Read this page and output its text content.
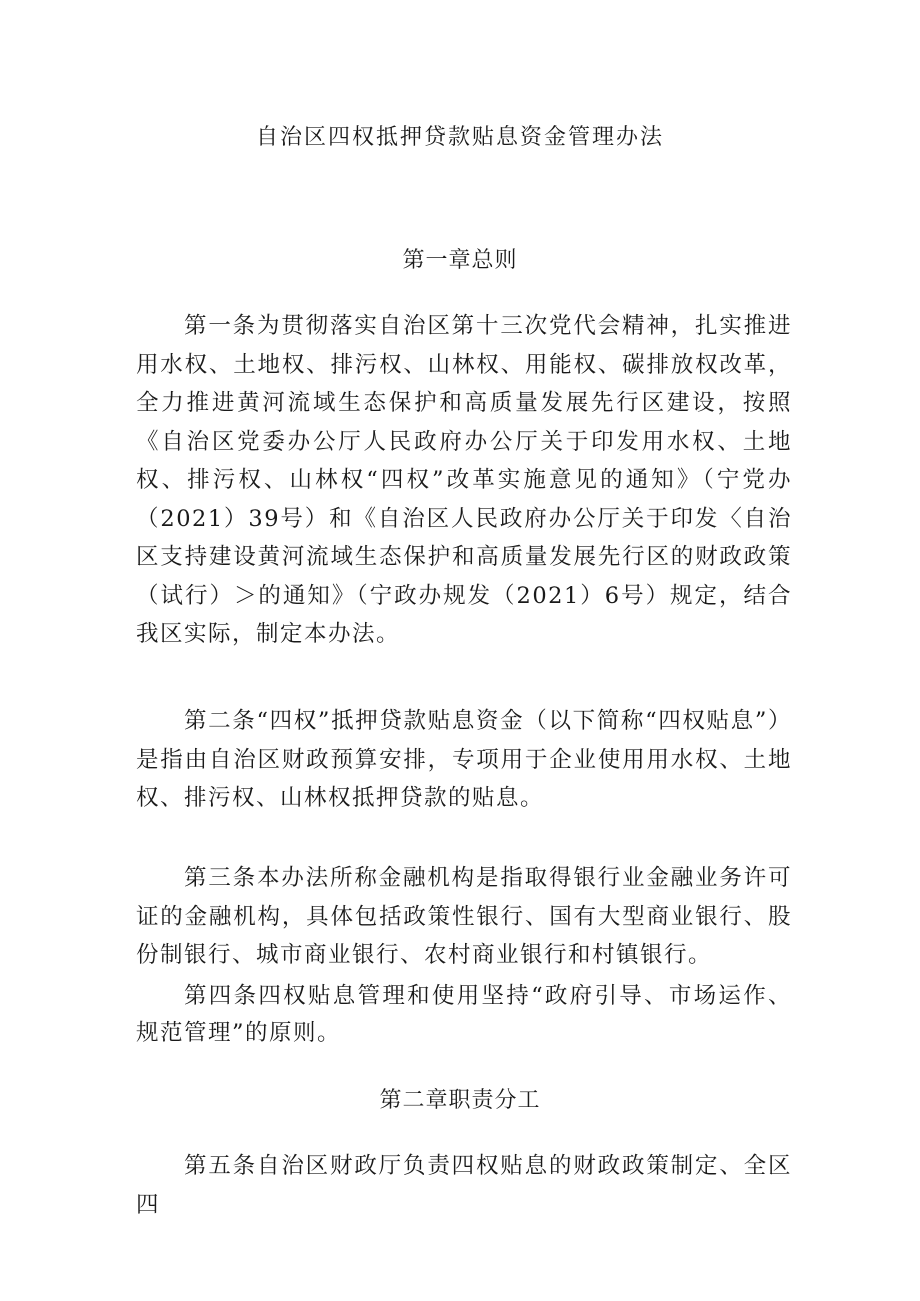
自治区四权抵押贷款贴息资金管理办法
第一章总则

第一条为贯彻落实自治区第十三次党代会精神，扎实推进用水权、土地权、排污权、山林权、用能权、碳排放权改革，全力推进黄河流域生态保护和高质量发展先行区建设，按照《自治区党委办公厅人民政府办公厅关于印发用水权、土地权、排污权、山林权“四权”改革实施意见的通知》（宁党办（2021）39号）和《自治区人民政府办公厅关于印发〈自治区支持建设黄河流域生态保护和高质量发展先行区的财政政策（试行）＞的通知》（宁政办规发（2021）6号）规定，结合我区实际，制定本办法。

第二条“四权”抵押贷款贴息资金（以下简称“四权贴息”）是指由自治区财政预算安排，专项用于企业使用用水权、土地权、排污权、山林权抵押贷款的贴息。

第三条本办法所称金融机构是指取得银行业金融业务许可证的金融机构，具体包括政策性银行、国有大型商业银行、股份制银行、城市商业银行、农村商业银行和村镇银行。

第四条四权贴息管理和使用坚持“政府引导、市场运作、规范管理”的原则。

第二章职责分工

第五条自治区财政厅负责四权贴息的财政政策制定、全区四
